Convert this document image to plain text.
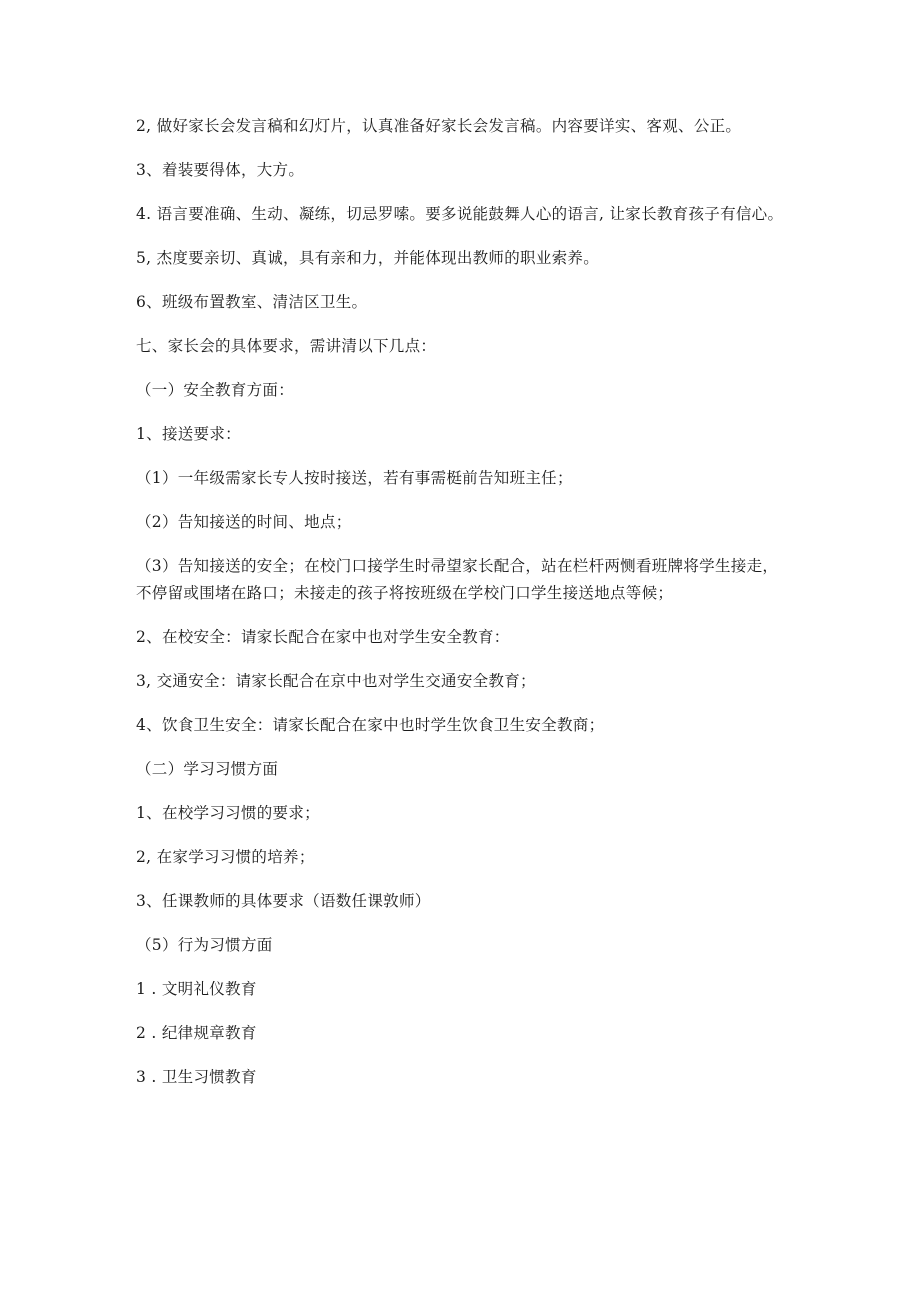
2, 做好家长会发言稿和幻灯片，认真准备好家长会发言稿。内容要详实、客观、公正。

3、着装要得体，大方。

4. 语言要准确、生动、凝练，切忌罗嗦。要多说能鼓舞人心的语言, 让家长教育孩子有信心。

5, 杰度要亲切、真诚，具有亲和力，并能体现出教师的职业索养。

6、班级布置教室、清洁区卫生。

七、家长会的具体要求，需讲清以下几点：

（一）安全教育方面：

1、接送要求：

（1）一年级需家长专人按时接送，若有事需梃前告知班主任；

（2）告知接送的时间、地点；

（3）告知接送的安全；在校门口接学生时帚望家长配合，站在栏杆两恻看班牌将学生接走，不停留或围堵在路口；未接走的孩子将按班级在学校门口学生接送地点等候；

2、在校安全：请家长配合在家中也对学生安全教育：

3, 交通安全：请家长配合在京中也对学生交通安全教育；

4、饮食卫生安全：请家长配合在家中也时学生饮食卫生安全教商；

（二）学习习惯方面

1、在校学习习惯的要求；

2, 在家学习习惯的培养；

3、任课教师的具体要求（语数任课敦师）

（5）行为习惯方面

1 . 文明礼仪教育

2 . 纪律规章教育

3 . 卫生习惯教育
